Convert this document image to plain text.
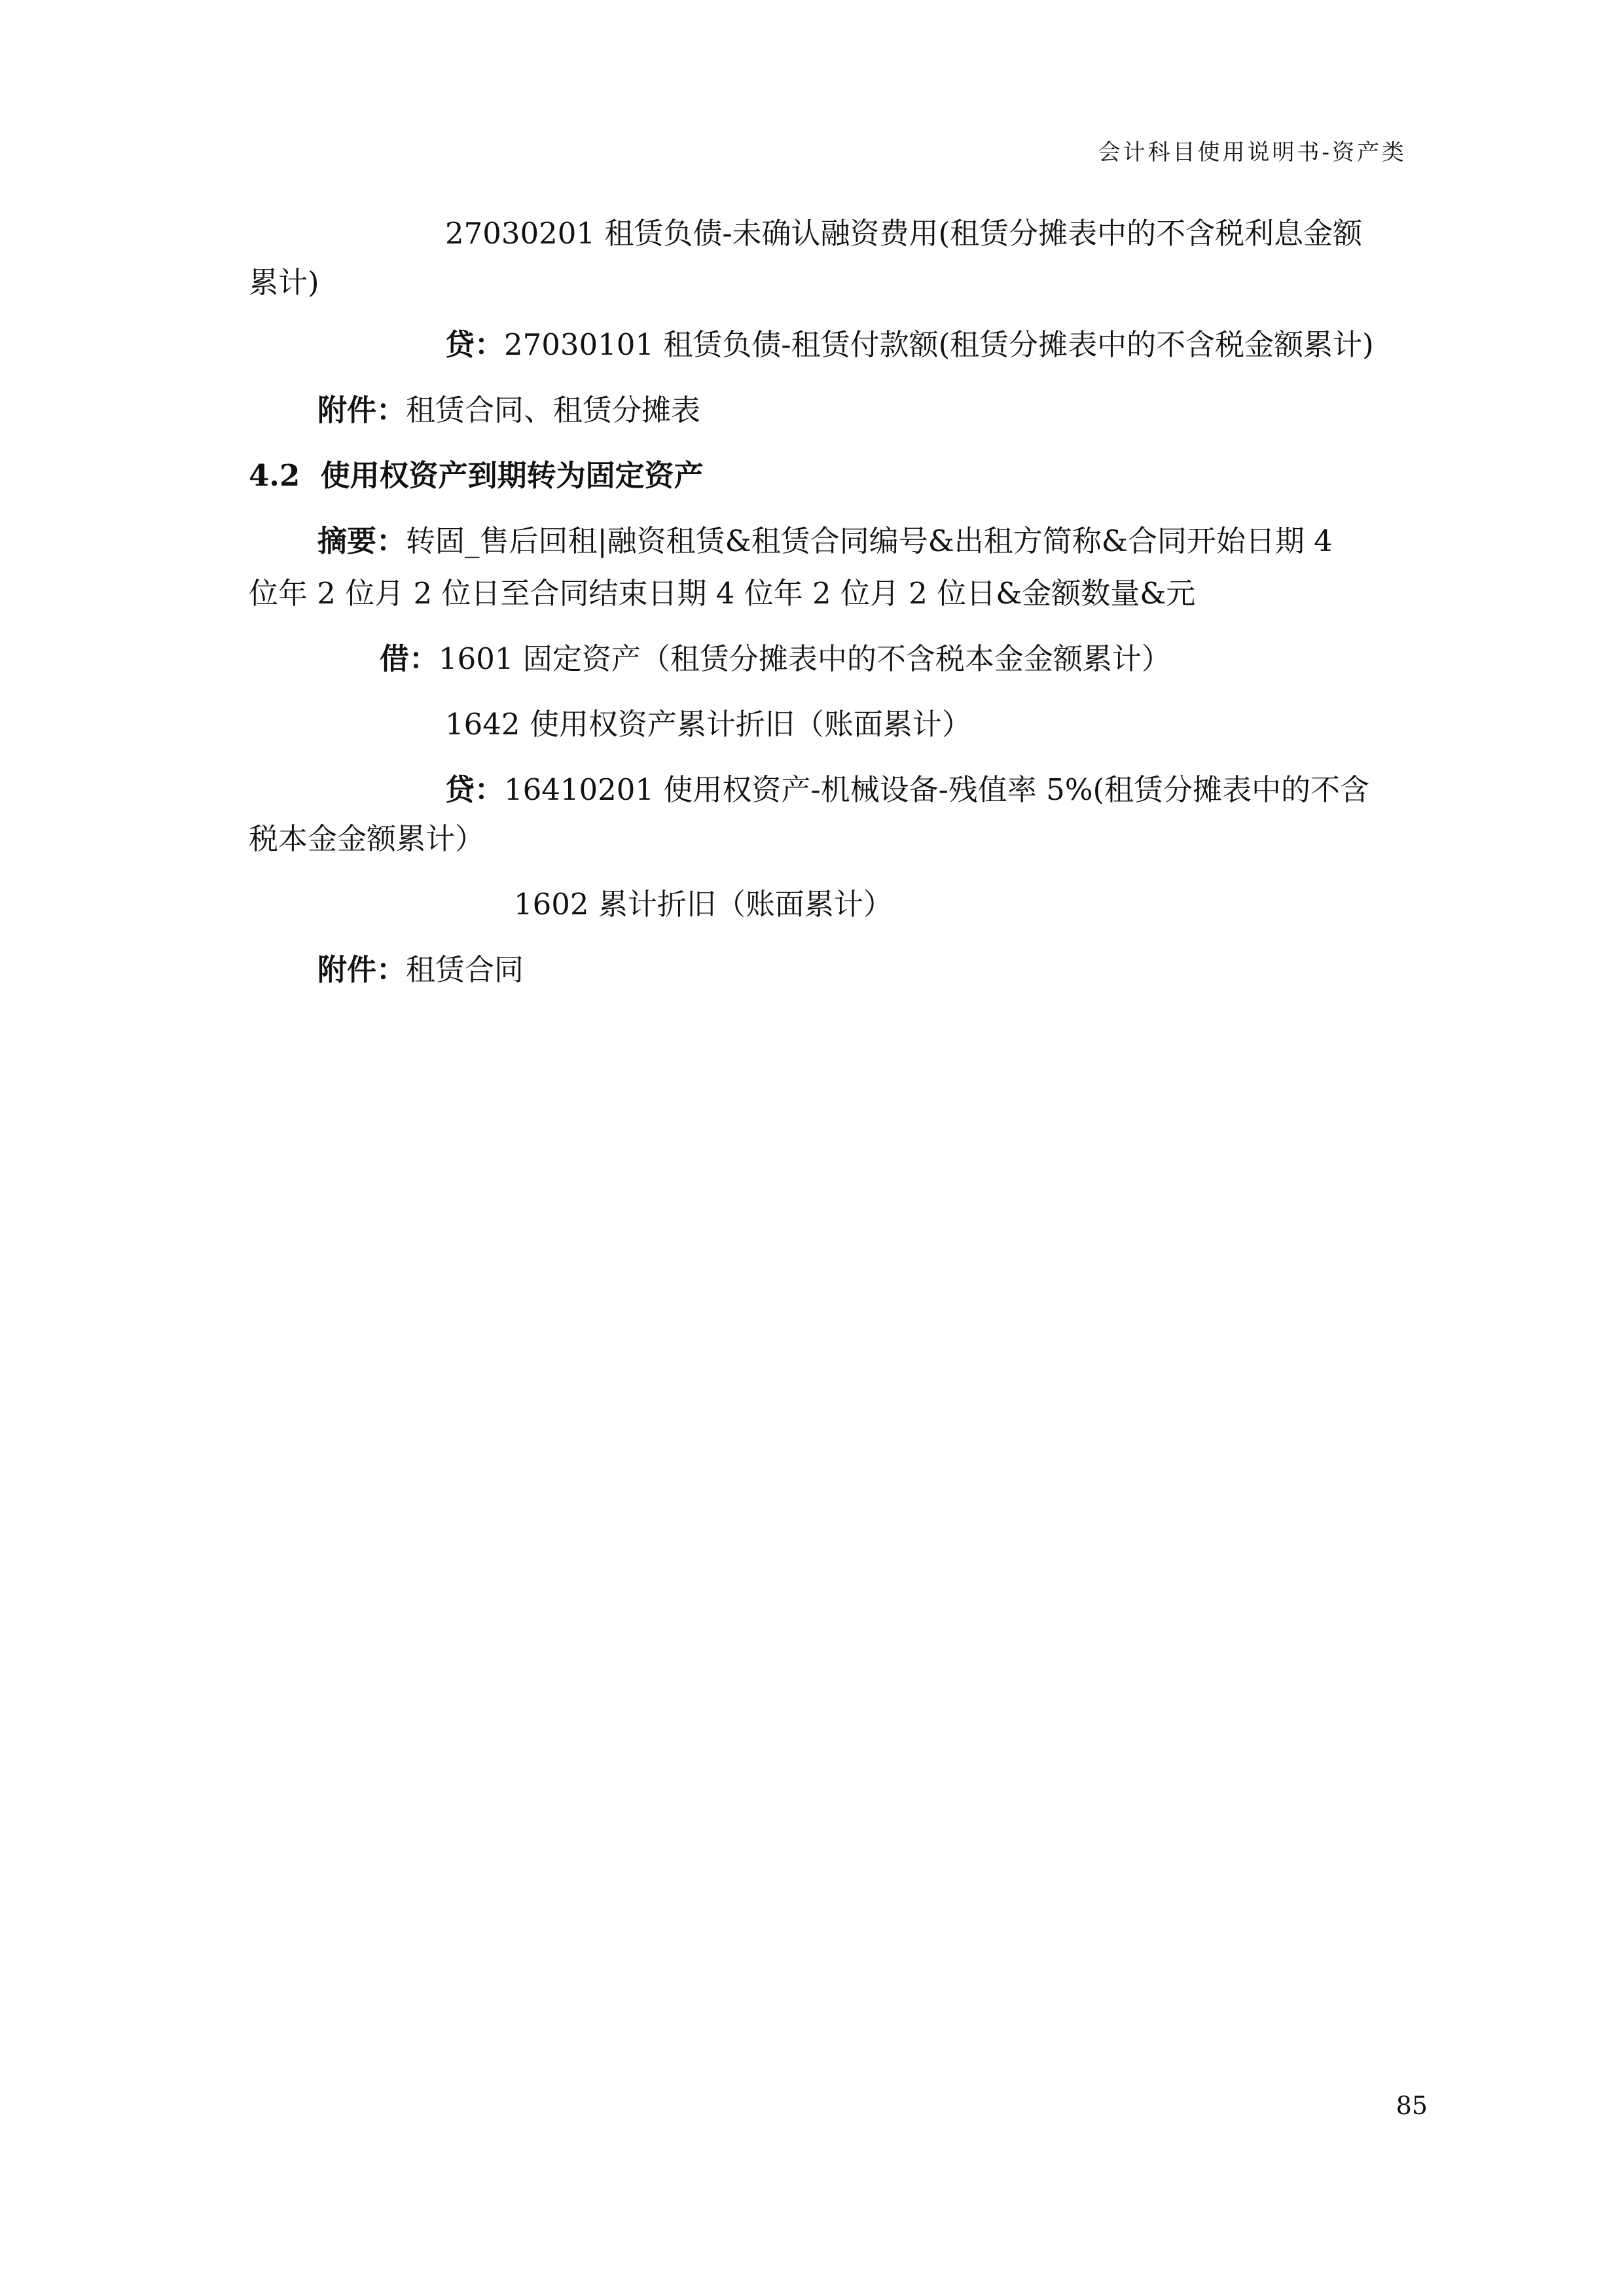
会计科目使用说明书-资产类
27030201 租赁负债-未确认融资费用(租赁分摊表中的不含税利息金额
累计)
贷：27030101 租赁负债-租赁付款额(租赁分摊表中的不含税金额累计)
附件：租赁合同、租赁分摊表
4.2 使用权资产到期转为固定资产
摘要：转固_售后回租|融资租赁&租赁合同编号&出租方简称&合同开始日期 4
位年 2 位月 2 位日至合同结束日期 4 位年 2 位月 2 位日&金额数量&元
借：1601 固定资产（租赁分摊表中的不含税本金金额累计）
1642 使用权资产累计折旧（账面累计）
贷：16410201 使用权资产-机械设备-残值率 5%(租赁分摊表中的不含
税本金金额累计）
1602 累计折旧（账面累计）
附件：租赁合同
85
